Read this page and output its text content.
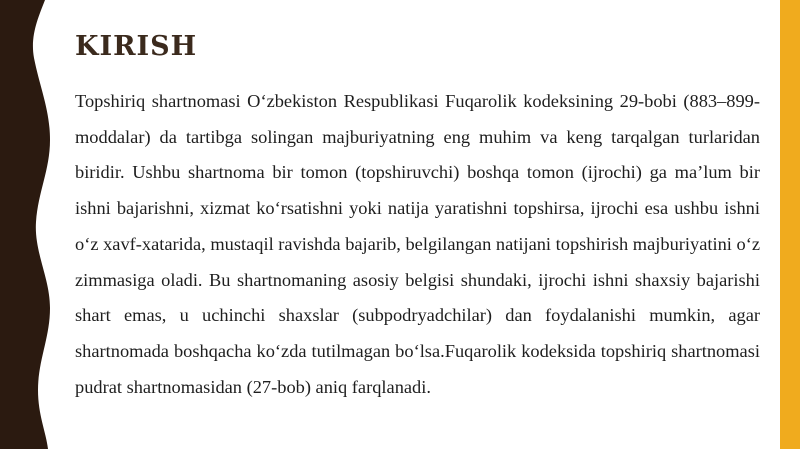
KIRISH

Topshiriq shartnomasi O‘zbekiston Respublikasi Fuqarolik kodeksining 29-bobi (883–899-moddalar) da tartibga solingan majburiyatning eng muhim va keng tarqalgan turlaridan biridir. Ushbu shartnoma bir tomon (topshiruvchi) boshqa tomon (ijrochi) ga ma’lum bir ishni bajarishni, xizmat ko‘rsatishni yoki natija yaratishni topshirsa, ijrochi esa ushbu ishni o‘z xavf-xatarida, mustaqil ravishda bajarib, belgilangan natijani topshirish majburiyatini o‘z zimmasiga oladi. Bu shartnomaning asosiy belgisi shundaki, ijrochi ishni shaxsiy bajarishi shart emas, u uchinchi shaxslar (subpodryadchilar) dan foydalanishi mumkin, agar shartnomada boshqacha ko‘zda tutilmagan bo‘lsa.Fuqarolik kodeksida topshiriq shartnomasi pudrat shartnomasidan (27-bob) aniq farqlanadi.
